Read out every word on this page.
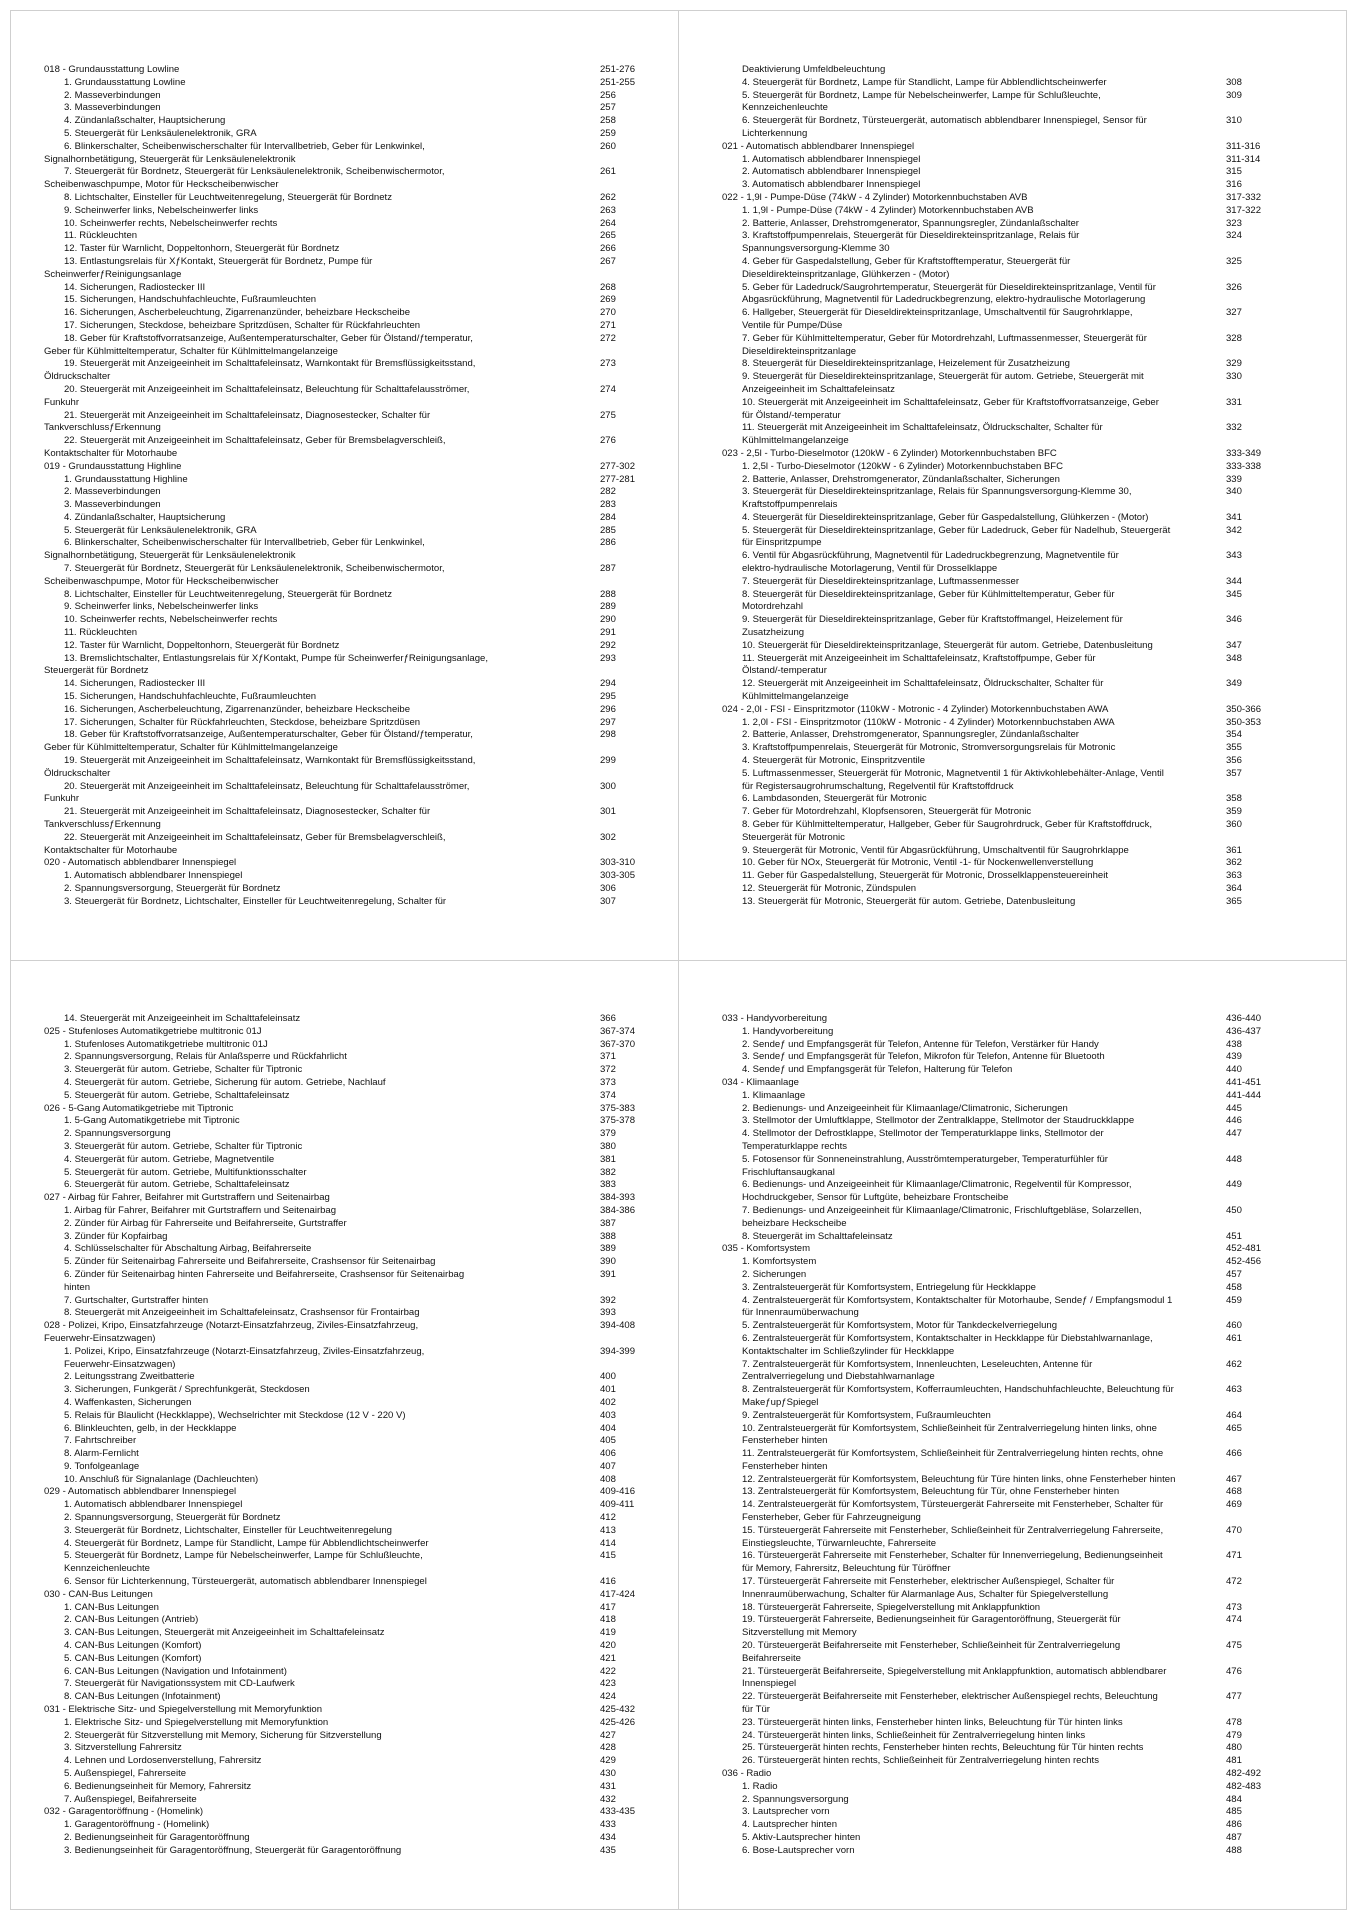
018 - Grundausstattung Lowline	251-276
1. Grundausstattung Lowline	251-255
2. Masseverbindungen	256
3. Masseverbindungen	257
4. Zündanlaßschalter, Hauptsicherung	258
5. Steuergerät für Lenksäulenelektronik, GRA	259
6. Blinkerschalter, Scheibenwischerschalter für Intervallbetrieb, Geber für Lenkwinkel,	260
Signalhornbetätigung, Steuergerät für Lenksäulenelektronik
7. Steuergerät für Bordnetz, Steuergerät für Lenksäulenelektronik, Scheibenwischermotor,	261
Scheibenwaschpumpe, Motor für Heckscheibenwischer
8. Lichtschalter, Einsteller für Leuchtweitenregelung, Steuergerät für Bordnetz	262
9. Scheinwerfer links, Nebelscheinwerfer links	263
10. Scheinwerfer rechts, Nebelscheinwerfer rechts	264
11. Rückleuchten	265
12. Taster für Warnlicht, Doppeltonhorn, Steuergerät für Bordnetz	266
13. Entlastungsrelais für XƒKontakt, Steuergerät für Bordnetz, Pumpe für	267
ScheinwerferƒReinigungsanlage
14. Sicherungen, Radiostecker III	268
15. Sicherungen, Handschuhfachleuchte, Fußraumleuchten	269
16. Sicherungen, Ascherbeleuchtung, Zigarrenanzünder, beheizbare Heckscheibe	270
17. Sicherungen, Steckdose, beheizbare Spritzdüsen, Schalter für Rückfahrleuchten	271
18. Geber für Kraftstoffvorratsanzeige, Außentemperaturschalter, Geber für Ölstand/ƒtemperatur,	272
Geber für Kühlmitteltemperatur, Schalter für Kühlmittelmangelanzeige
19. Steuergerät mit Anzeigeeinheit im Schalttafeleinsatz, Warnkontakt für Bremsflüssigkeitsstand,	273
Öldruckschalter
20. Steuergerät mit Anzeigeeinheit im Schalttafeleinsatz, Beleuchtung für Schalttafelausströmer,	274
Funkuhr
21. Steuergerät mit Anzeigeeinheit im Schalttafeleinsatz, Diagnosestecker, Schalter für	275
TankverschlussƒErkennung
22. Steuergerät mit Anzeigeeinheit im Schalttafeleinsatz, Geber für Bremsbelagverschleiß,	276
Kontaktschalter für Motorhaube
019 - Grundausstattung Highline	277-302
1. Grundausstattung Highline	277-281
2. Masseverbindungen	282
3. Masseverbindungen	283
4. Zündanlaßschalter, Hauptsicherung	284
5. Steuergerät für Lenksäulenelektronik, GRA	285
6. Blinkerschalter, Scheibenwischerschalter für Intervallbetrieb, Geber für Lenkwinkel,	286
Signalhornbetätigung, Steuergerät für Lenksäulenelektronik
7. Steuergerät für Bordnetz, Steuergerät für Lenksäulenelektronik, Scheibenwischermotor,	287
Scheibenwaschpumpe, Motor für Heckscheibenwischer
8. Lichtschalter, Einsteller für Leuchtweitenregelung, Steuergerät für Bordnetz	288
9. Scheinwerfer links, Nebelscheinwerfer links	289
10. Scheinwerfer rechts, Nebelscheinwerfer rechts	290
11. Rückleuchten	291
12. Taster für Warnlicht, Doppeltonhorn, Steuergerät für Bordnetz	292
13. Bremslichtschalter, Entlastungsrelais für XƒKontakt, Pumpe für ScheinwerferƒReinigungsanlage,	293
Steuergerät für Bordnetz
14. Sicherungen, Radiostecker III	294
15. Sicherungen, Handschuhfachleuchte, Fußraumleuchten	295
16. Sicherungen, Ascherbeleuchtung, Zigarrenanzünder, beheizbare Heckscheibe	296
17. Sicherungen, Schalter für Rückfahrleuchten, Steckdose, beheizbare Spritzdüsen	297
18. Geber für Kraftstoffvorratsanzeige, Außentemperaturschalter, Geber für Ölstand/ƒtemperatur,	298
Geber für Kühlmitteltemperatur, Schalter für Kühlmittelmangelanzeige
19. Steuergerät mit Anzeigeeinheit im Schalttafeleinsatz, Warnkontakt für Bremsflüssigkeitsstand,	299
Öldruckschalter
20. Steuergerät mit Anzeigeeinheit im Schalttafeleinsatz, Beleuchtung für Schalttafelausströmer,	300
Funkuhr
21. Steuergerät mit Anzeigeeinheit im Schalttafeleinsatz, Diagnosestecker, Schalter für	301
TankverschlussƒErkennung
22. Steuergerät mit Anzeigeeinheit im Schalttafeleinsatz, Geber für Bremsbelagverschleiß,	302
Kontaktschalter für Motorhaube
020 - Automatisch abblendbarer Innenspiegel	303-310
1. Automatisch abblendbarer Innenspiegel	303-305
2. Spannungsversorgung, Steuergerät für Bordnetz	306
3. Steuergerät für Bordnetz, Lichtschalter, Einsteller für Leuchtweitenregelung, Schalter für	307
Deaktivierung Umfeldbeleuchtung
4. Steuergerät für Bordnetz, Lampe für Standlicht, Lampe für Abblendlichtscheinwerfer	308
5. Steuergerät für Bordnetz, Lampe für Nebelscheinwerfer, Lampe für Schlußleuchte,	309
Kennzeichenleuchte
6. Steuergerät für Bordnetz, Türsteuergerät, automatisch abblendbarer Innenspiegel, Sensor für	310
Lichterkennung
021 - Automatisch abblendbarer Innenspiegel	311-316
1. Automatisch abblendbarer Innenspiegel	311-314
2. Automatisch abblendbarer Innenspiegel	315
3. Automatisch abblendbarer Innenspiegel	316
022 - 1,9l - Pumpe-Düse (74kW - 4 Zylinder) Motorkennbuchstaben AVB	317-332
1. 1,9l - Pumpe-Düse (74kW - 4 Zylinder) Motorkennbuchstaben AVB	317-322
2. Batterie, Anlasser, Drehstromgenerator, Spannungsregler, Zündanlaßschalter	323
3. Kraftstoffpumpenrelais, Steuergerät für Dieseldirekteinspritzanlage, Relais für	324
Spannungsversorgung-Klemme 30
4. Geber für Gaspedalstellung, Geber für Kraftstofftemperatur, Steuergerät für	325
Dieseldirekteinspritzanlage, Glühkerzen - (Motor)
5. Geber für Ladedruck/Saugrohrtemperatur, Steuergerät für Dieseldirekteinspritzanlage, Ventil für	326
Abgasrückführung, Magnetventil für Ladedruckbegrenzung, elektro-hydraulische Motorlagerung
6. Hallgeber, Steuergerät für Dieseldirekteinspritzanlage, Umschaltventil für Saugrohrklappe,	327
Ventile für Pumpe/Düse
7. Geber für Kühlmitteltemperatur, Geber für Motordrehzahl, Luftmassenmesser, Steuergerät für	328
Dieseldirekteinspritzanlage
8. Steuergerät für Dieseldirekteinspritzanlage, Heizelement für Zusatzheizung	329
9. Steuergerät für Dieseldirekteinspritzanlage, Steuergerät für autom. Getriebe, Steuergerät mit	330
Anzeigeeinheit im Schalttafeleinsatz
10. Steuergerät mit Anzeigeeinheit im Schalttafeleinsatz, Geber für Kraftstoffvorratsanzeige, Geber	331
für Ölstand/-temperatur
11. Steuergerät mit Anzeigeeinheit im Schalttafeleinsatz, Öldruckschalter, Schalter für	332
Kühlmittelmangelanzeige
023 - 2,5l - Turbo-Dieselmotor (120kW - 6 Zylinder) Motorkennbuchstaben BFC	333-349
1. 2,5l - Turbo-Dieselmotor (120kW - 6 Zylinder) Motorkennbuchstaben BFC	333-338
2. Batterie, Anlasser, Drehstromgenerator, Zündanlaßschalter, Sicherungen	339
3. Steuergerät für Dieseldirekteinspritzanlage, Relais für Spannungsversorgung-Klemme 30,	340
Kraftstoffpumpenrelais
4. Steuergerät für Dieseldirekteinspritzanlage, Geber für Gaspedalstellung, Glühkerzen - (Motor)	341
5. Steuergerät für Dieseldirekteinspritzanlage, Geber für Ladedruck, Geber für Nadelhub, Steuergerät	342
für Einspritzpumpe
6. Ventil für Abgasrückführung, Magnetventil für Ladedruckbegrenzung, Magnetventile für	343
elektro-hydraulische Motorlagerung, Ventil für Drosselklappe
7. Steuergerät für Dieseldirekteinspritzanlage, Luftmassenmesser	344
8. Steuergerät für Dieseldirekteinspritzanlage, Geber für Kühlmitteltemperatur, Geber für	345
Motordrehzahl
9. Steuergerät für Dieseldirekteinspritzanlage, Geber für Kraftstoffmangel, Heizelement für	346
Zusatzheizung
10. Steuergerät für Dieseldirekteinspritzanlage, Steuergerät für autom. Getriebe, Datenbusleitung	347
11. Steuergerät mit Anzeigeeinheit im Schalttafeleinsatz, Kraftstoffpumpe, Geber für	348
Ölstand/-temperatur
12. Steuergerät mit Anzeigeeinheit im Schalttafeleinsatz, Öldruckschalter, Schalter für	349
Kühlmittelmangelanzeige
024 - 2,0l - FSI - Einspritzmotor (110kW - Motronic - 4 Zylinder) Motorkennbuchstaben AWA	350-366
1. 2,0l - FSI - Einspritzmotor (110kW - Motronic - 4 Zylinder) Motorkennbuchstaben AWA	350-353
2. Batterie, Anlasser, Drehstromgenerator, Spannungsregler, Zündanlaßschalter	354
3. Kraftstoffpumpenrelais, Steuergerät für Motronic, Stromversorgungsrelais für Motronic	355
4. Steuergerät für Motronic, Einspritzventile	356
5. Luftmassenmesser, Steuergerät für Motronic, Magnetventil 1 für Aktivkohlebehälter-Anlage, Ventil	357
für Registersaugrohrumschaltung, Regelventil für Kraftstoffdruck
6. Lambdasonden, Steuergerät für Motronic	358
7. Geber für Motordrehzahl, Klopfsensoren, Steuergerät für Motronic	359
8. Geber für Kühlmitteltemperatur, Hallgeber, Geber für Saugrohrdruck, Geber für Kraftstoffdruck,	360
Steuergerät für Motronic
9. Steuergerät für Motronic, Ventil für Abgasrückführung, Umschaltventil für Saugrohrklappe	361
10. Geber für NOx, Steuergerät für Motronic, Ventil -1- für Nockenwellenverstellung	362
11. Geber für Gaspedalstellung, Steuergerät für Motronic, Drosselklappensteuereinheit	363
12. Steuergerät für Motronic, Zündspulen	364
13. Steuergerät für Motronic, Steuergerät für autom. Getriebe, Datenbusleitung	365
14. Steuergerät mit Anzeigeeinheit im Schalttafeleinsatz	366
025 - Stufenloses Automatikgetriebe multitronic 01J	367-374
1. Stufenloses Automatikgetriebe multitronic 01J	367-370
2. Spannungsversorgung, Relais für Anlaßsperre und Rückfahrlicht	371
3. Steuergerät für autom. Getriebe, Schalter für Tiptronic	372
4. Steuergerät für autom. Getriebe, Sicherung für autom. Getriebe, Nachlauf	373
5. Steuergerät für autom. Getriebe, Schalttafeleinsatz	374
026 - 5-Gang Automatikgetriebe mit Tiptronic	375-383
1. 5-Gang Automatikgetriebe mit Tiptronic	375-378
2. Spannungsversorgung	379
3. Steuergerät für autom. Getriebe, Schalter für Tiptronic	380
4. Steuergerät für autom. Getriebe, Magnetventile	381
5. Steuergerät für autom. Getriebe, Multifunktionsschalter	382
6. Steuergerät für autom. Getriebe, Schalttafeleinsatz	383
027 - Airbag für Fahrer, Beifahrer mit Gurtstraffern und Seitenairbag	384-393
1. Airbag für Fahrer, Beifahrer mit Gurtstraffern und Seitenairbag	384-386
2. Zünder für Airbag für Fahrerseite und Beifahrerseite, Gurtstraffer	387
3. Zünder für Kopfairbag	388
4. Schlüsselschalter für Abschaltung Airbag, Beifahrerseite	389
5. Zünder für Seitenairbag Fahrerseite und Beifahrerseite, Crashsensor für Seitenairbag	390
6. Zünder für Seitenairbag hinten Fahrerseite und Beifahrerseite, Crashsensor für Seitenairbag	391
hinten
7. Gurtschalter, Gurtstraffer hinten	392
8. Steuergerät mit Anzeigeeinheit im Schalttafeleinsatz, Crashsensor für Frontairbag	393
028 - Polizei, Kripo, Einsatzfahrzeuge (Notarzt-Einsatzfahrzeug, Ziviles-Einsatzfahrzeug,	394-408
Feuerwehr-Einsatzwagen)
1. Polizei, Kripo, Einsatzfahrzeuge (Notarzt-Einsatzfahrzeug, Ziviles-Einsatzfahrzeug,	394-399
Feuerwehr-Einsatzwagen)
2. Leitungsstrang Zweitbatterie	400
3. Sicherungen, Funkgerät / Sprechfunkgerät, Steckdosen	401
4. Waffenkasten, Sicherungen	402
5. Relais für Blaulicht (Heckklappe), Wechselrichter mit Steckdose (12 V - 220 V)	403
6. Blinkleuchten, gelb, in der Heckklappe	404
7. Fahrtschreiber	405
8. Alarm-Fernlicht	406
9. Tonfolgeanlage	407
10. Anschluß für Signalanlage (Dachleuchten)	408
029 - Automatisch abblendbarer Innenspiegel	409-416
1. Automatisch abblendbarer Innenspiegel	409-411
2. Spannungsversorgung, Steuergerät für Bordnetz	412
3. Steuergerät für Bordnetz, Lichtschalter, Einsteller für Leuchtweitenregelung	413
4. Steuergerät für Bordnetz, Lampe für Standlicht, Lampe für Abblendlichtscheinwerfer	414
5. Steuergerät für Bordnetz, Lampe für Nebelscheinwerfer, Lampe für Schlußleuchte,	415
Kennzeichenleuchte
6. Sensor für Lichterkennung, Türsteuergerät, automatisch abblendbarer Innenspiegel	416
030 - CAN-Bus Leitungen	417-424
1. CAN-Bus Leitungen	417
2. CAN-Bus Leitungen (Antrieb)	418
3. CAN-Bus Leitungen, Steuergerät mit Anzeigeeinheit im Schalttafeleinsatz	419
4. CAN-Bus Leitungen (Komfort)	420
5. CAN-Bus Leitungen (Komfort)	421
6. CAN-Bus Leitungen (Navigation und Infotainment)	422
7. Steuergerät für Navigationssystem mit CD-Laufwerk	423
8. CAN-Bus Leitungen (Infotainment)	424
031 - Elektrische Sitz- und Spiegelverstellung mit Memoryfunktion	425-432
1. Elektrische Sitz- und Spiegelverstellung mit Memoryfunktion	425-426
2. Steuergerät für Sitzverstellung mit Memory, Sicherung für Sitzverstellung	427
3. Sitzverstellung Fahrersitz	428
4. Lehnen und Lordosenverstellung, Fahrersitz	429
5. Außenspiegel, Fahrerseite	430
6. Bedienungseinheit für Memory, Fahrersitz	431
7. Außenspiegel, Beifahrerseite	432
032 - Garagentoröffnung - (Homelink)	433-435
1. Garagentoröffnung - (Homelink)	433
2. Bedienungseinheit für Garagentoröffnung	434
3. Bedienungseinheit für Garagentoröffnung, Steuergerät für Garagentoröffnung	435
033 - Handyvorbereitung	436-440
1. Handyvorbereitung	436-437
2. Sendeƒ und Empfangsgerät für Telefon, Antenne für Telefon, Verstärker für Handy	438
3. Sendeƒ und Empfangsgerät für Telefon, Mikrofon für Telefon, Antenne für Bluetooth	439
4. Sendeƒ und Empfangsgerät für Telefon, Halterung für Telefon	440
034 - Klimaanlage	441-451
1. Klimaanlage	441-444
2. Bedienungs- und Anzeigeeinheit für Klimaanlage/Climatronic, Sicherungen	445
3. Stellmotor der Umluftklappe, Stellmotor der Zentralklappe, Stellmotor der Staudruckklappe	446
4. Stellmotor der Defrostklappe, Stellmotor der Temperaturklappe links, Stellmotor der	447
Temperaturklappe rechts
5. Fotosensor für Sonneneinstrahlung, Ausströmtemperaturgeber, Temperaturfühler für	448
Frischluftansaugkanal
6. Bedienungs- und Anzeigeeinheit für Klimaanlage/Climatronic, Regelventil für Kompressor,	449
Hochdruckgeber, Sensor für Luftgüte, beheizbare Frontscheibe
7. Bedienungs- und Anzeigeeinheit für Klimaanlage/Climatronic, Frischluftgebläse, Solarzellen,	450
beheizbare Heckscheibe
8. Steuergerät im Schalttafeleinsatz	451
035 - Komfortsystem	452-481
1. Komfortsystem	452-456
2. Sicherungen	457
3. Zentralsteuergerät für Komfortsystem, Entriegelung für Heckklappe	458
4. Zentralsteuergerät für Komfortsystem, Kontaktschalter für Motorhaube, Sendeƒ / Empfangsmodul 1	459
für Innenraumüberwachung
5. Zentralsteuergerät für Komfortsystem, Motor für Tankdeckelverriegelung	460
6. Zentralsteuergerät für Komfortsystem, Kontaktschalter in Heckklappe für Diebstahlwarnanlage,	461
Kontaktschalter im Schließzylinder für Heckklappe
7. Zentralsteuergerät für Komfortsystem, Innenleuchten, Leseleuchten, Antenne für	462
Zentralverriegelung und Diebstahlwarnanlage
8. Zentralsteuergerät für Komfortsystem, Kofferraumleuchten, Handschuhfachleuchte, Beleuchtung für	463
MakeƒupƒSpiegel
9. Zentralsteuergerät für Komfortsystem, Fußraumleuchten	464
10. Zentralsteuergerät für Komfortsystem, Schließeinheit für Zentralverriegelung hinten links, ohne	465
Fensterheber hinten
11. Zentralsteuergerät für Komfortsystem, Schließeinheit für Zentralverriegelung hinten rechts, ohne	466
Fensterheber hinten
12. Zentralsteuergerät für Komfortsystem, Beleuchtung für Türe hinten links, ohne Fensterheber hinten	467
13. Zentralsteuergerät für Komfortsystem, Beleuchtung für Tür, ohne Fensterheber hinten	468
14. Zentralsteuergerät für Komfortsystem, Türsteuergerät Fahrerseite mit Fensterheber, Schalter für	469
Fensterheber, Geber für Fahrzeugneigung
15. Türsteuergerät Fahrerseite mit Fensterheber, Schließeinheit für Zentralverriegelung Fahrerseite,	470
Einstiegsleuchte, Türwarnleuchte, Fahrerseite
16. Türsteuergerät Fahrerseite mit Fensterheber, Schalter für Innenverriegelung, Bedienungseinheit	471
für Memory, Fahrersitz, Beleuchtung für Türöffner
17. Türsteuergerät Fahrerseite mit Fensterheber, elektrischer Außenspiegel, Schalter für	472
Innenraumüberwachung, Schalter für Alarmanlage Aus, Schalter für Spiegelverstellung
18. Türsteuergerät Fahrerseite, Spiegelverstellung mit Anklappfunktion	473
19. Türsteuergerät Fahrerseite, Bedienungseinheit für Garagentoröffnung, Steuergerät für	474
Sitzverstellung mit Memory
20. Türsteuergerät Beifahrerseite mit Fensterheber, Schließeinheit für Zentralverriegelung	475
Beifahrerseite
21. Türsteuergerät Beifahrerseite, Spiegelverstellung mit Anklappfunktion, automatisch abblendbarer	476
Innenspiegel
22. Türsteuergerät Beifahrerseite mit Fensterheber, elektrischer Außenspiegel rechts, Beleuchtung	477
für Tür
23. Türsteuergerät hinten links, Fensterheber hinten links, Beleuchtung für Tür hinten links	478
24. Türsteuergerät hinten links, Schließeinheit für Zentralverriegelung hinten links	479
25. Türsteuergerät hinten rechts, Fensterheber hinten rechts, Beleuchtung für Tür hinten rechts	480
26. Türsteuergerät hinten rechts, Schließeinheit für Zentralverriegelung hinten rechts	481
036 - Radio	482-492
1. Radio	482-483
2. Spannungsversorgung	484
3. Lautsprecher vorn	485
4. Lautsprecher hinten	486
5. Aktiv-Lautsprecher hinten	487
6. Bose-Lautsprecher vorn	488
